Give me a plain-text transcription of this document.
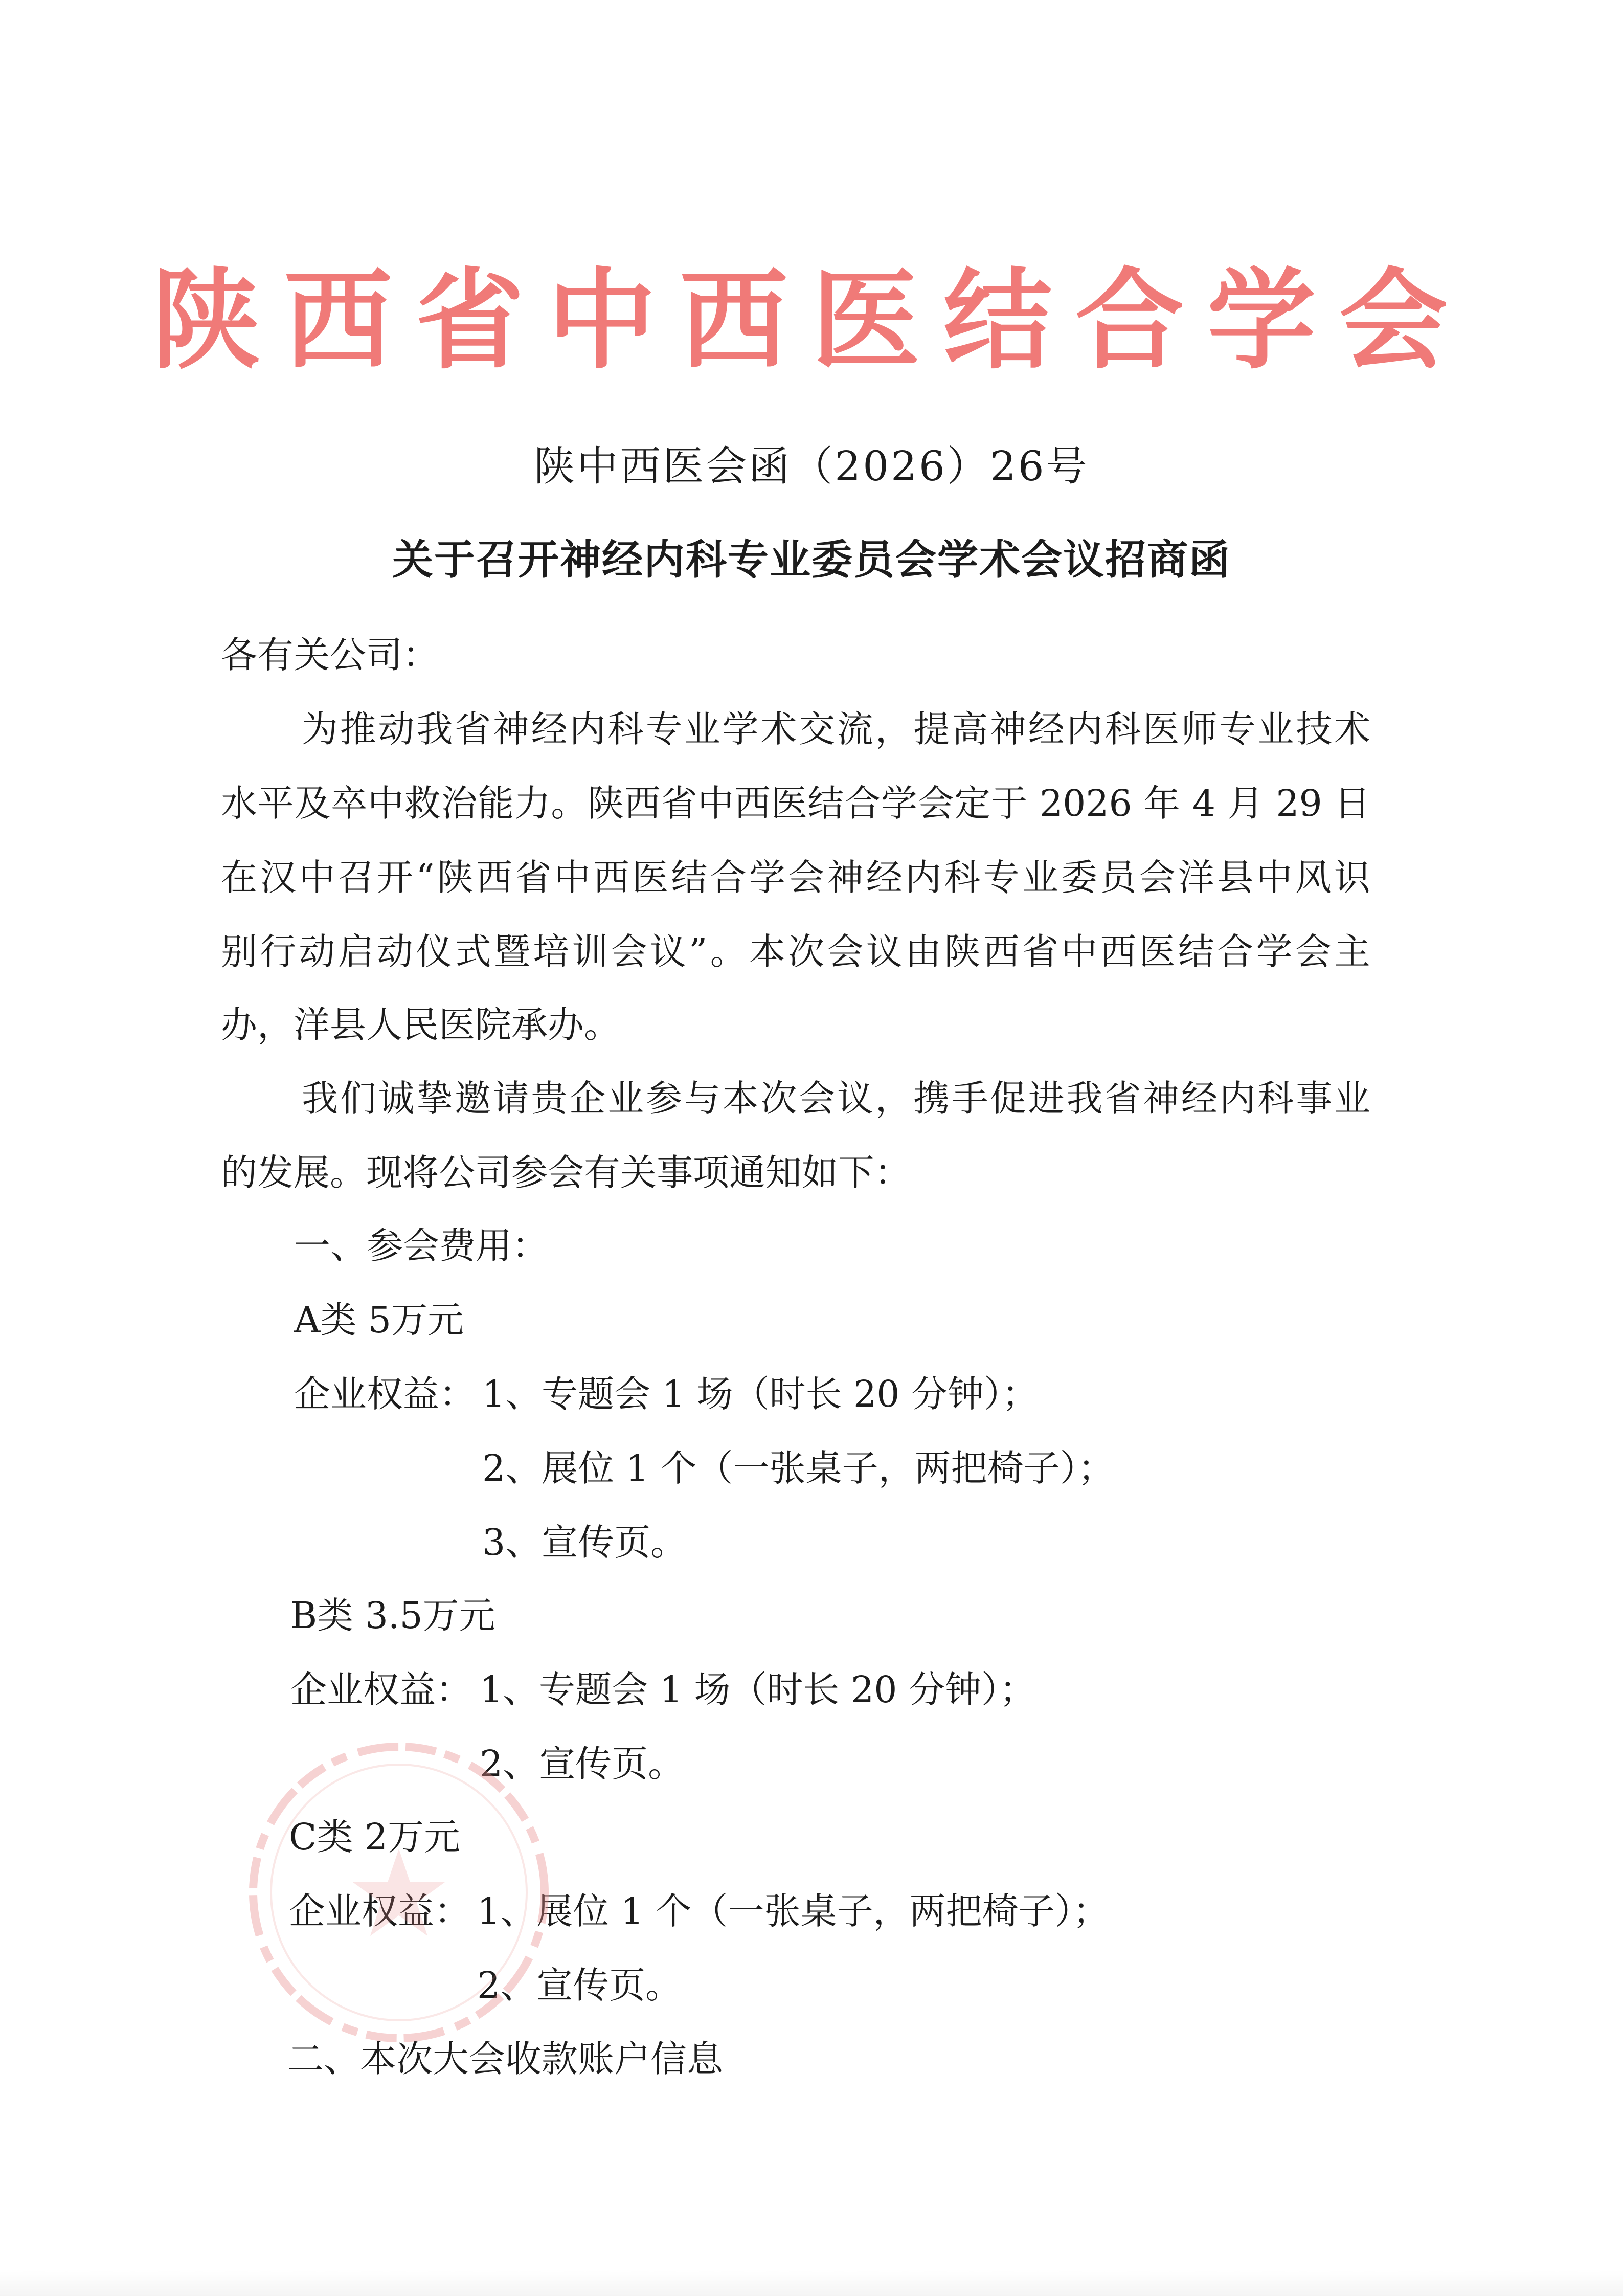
陕西省中西医结合学会
陕中西医会函（2026）26号
关于召开神经内科专业委员会学术会议招商函
各有关公司：
为推动我省神经内科专业学术交流，提高神经内科医师专业技术
水平及卒中救治能力。陕西省中西医结合学会定于 2026 年 4 月 29 日
在汉中召开“陕西省中西医结合学会神经内科专业委员会洋县中风识
别行动启动仪式暨培训会议”。本次会议由陕西省中西医结合学会主
办，洋县人民医院承办。
我们诚挚邀请贵企业参与本次会议，携手促进我省神经内科事业
的发展。现将公司参会有关事项通知如下：
一、参会费用：
A类 5万元
企业权益： 1、专题会 1 场（时长 20 分钟）；
2、展位 1 个（一张桌子，两把椅子）；
3、宣传页。
B类 3.5万元
企业权益： 1、专题会 1 场（时长 20 分钟）；
2、宣传页。
C类 2万元
企业权益： 1、展位 1 个（一张桌子，两把椅子）；
2、宣传页。
二、本次大会收款账户信息
